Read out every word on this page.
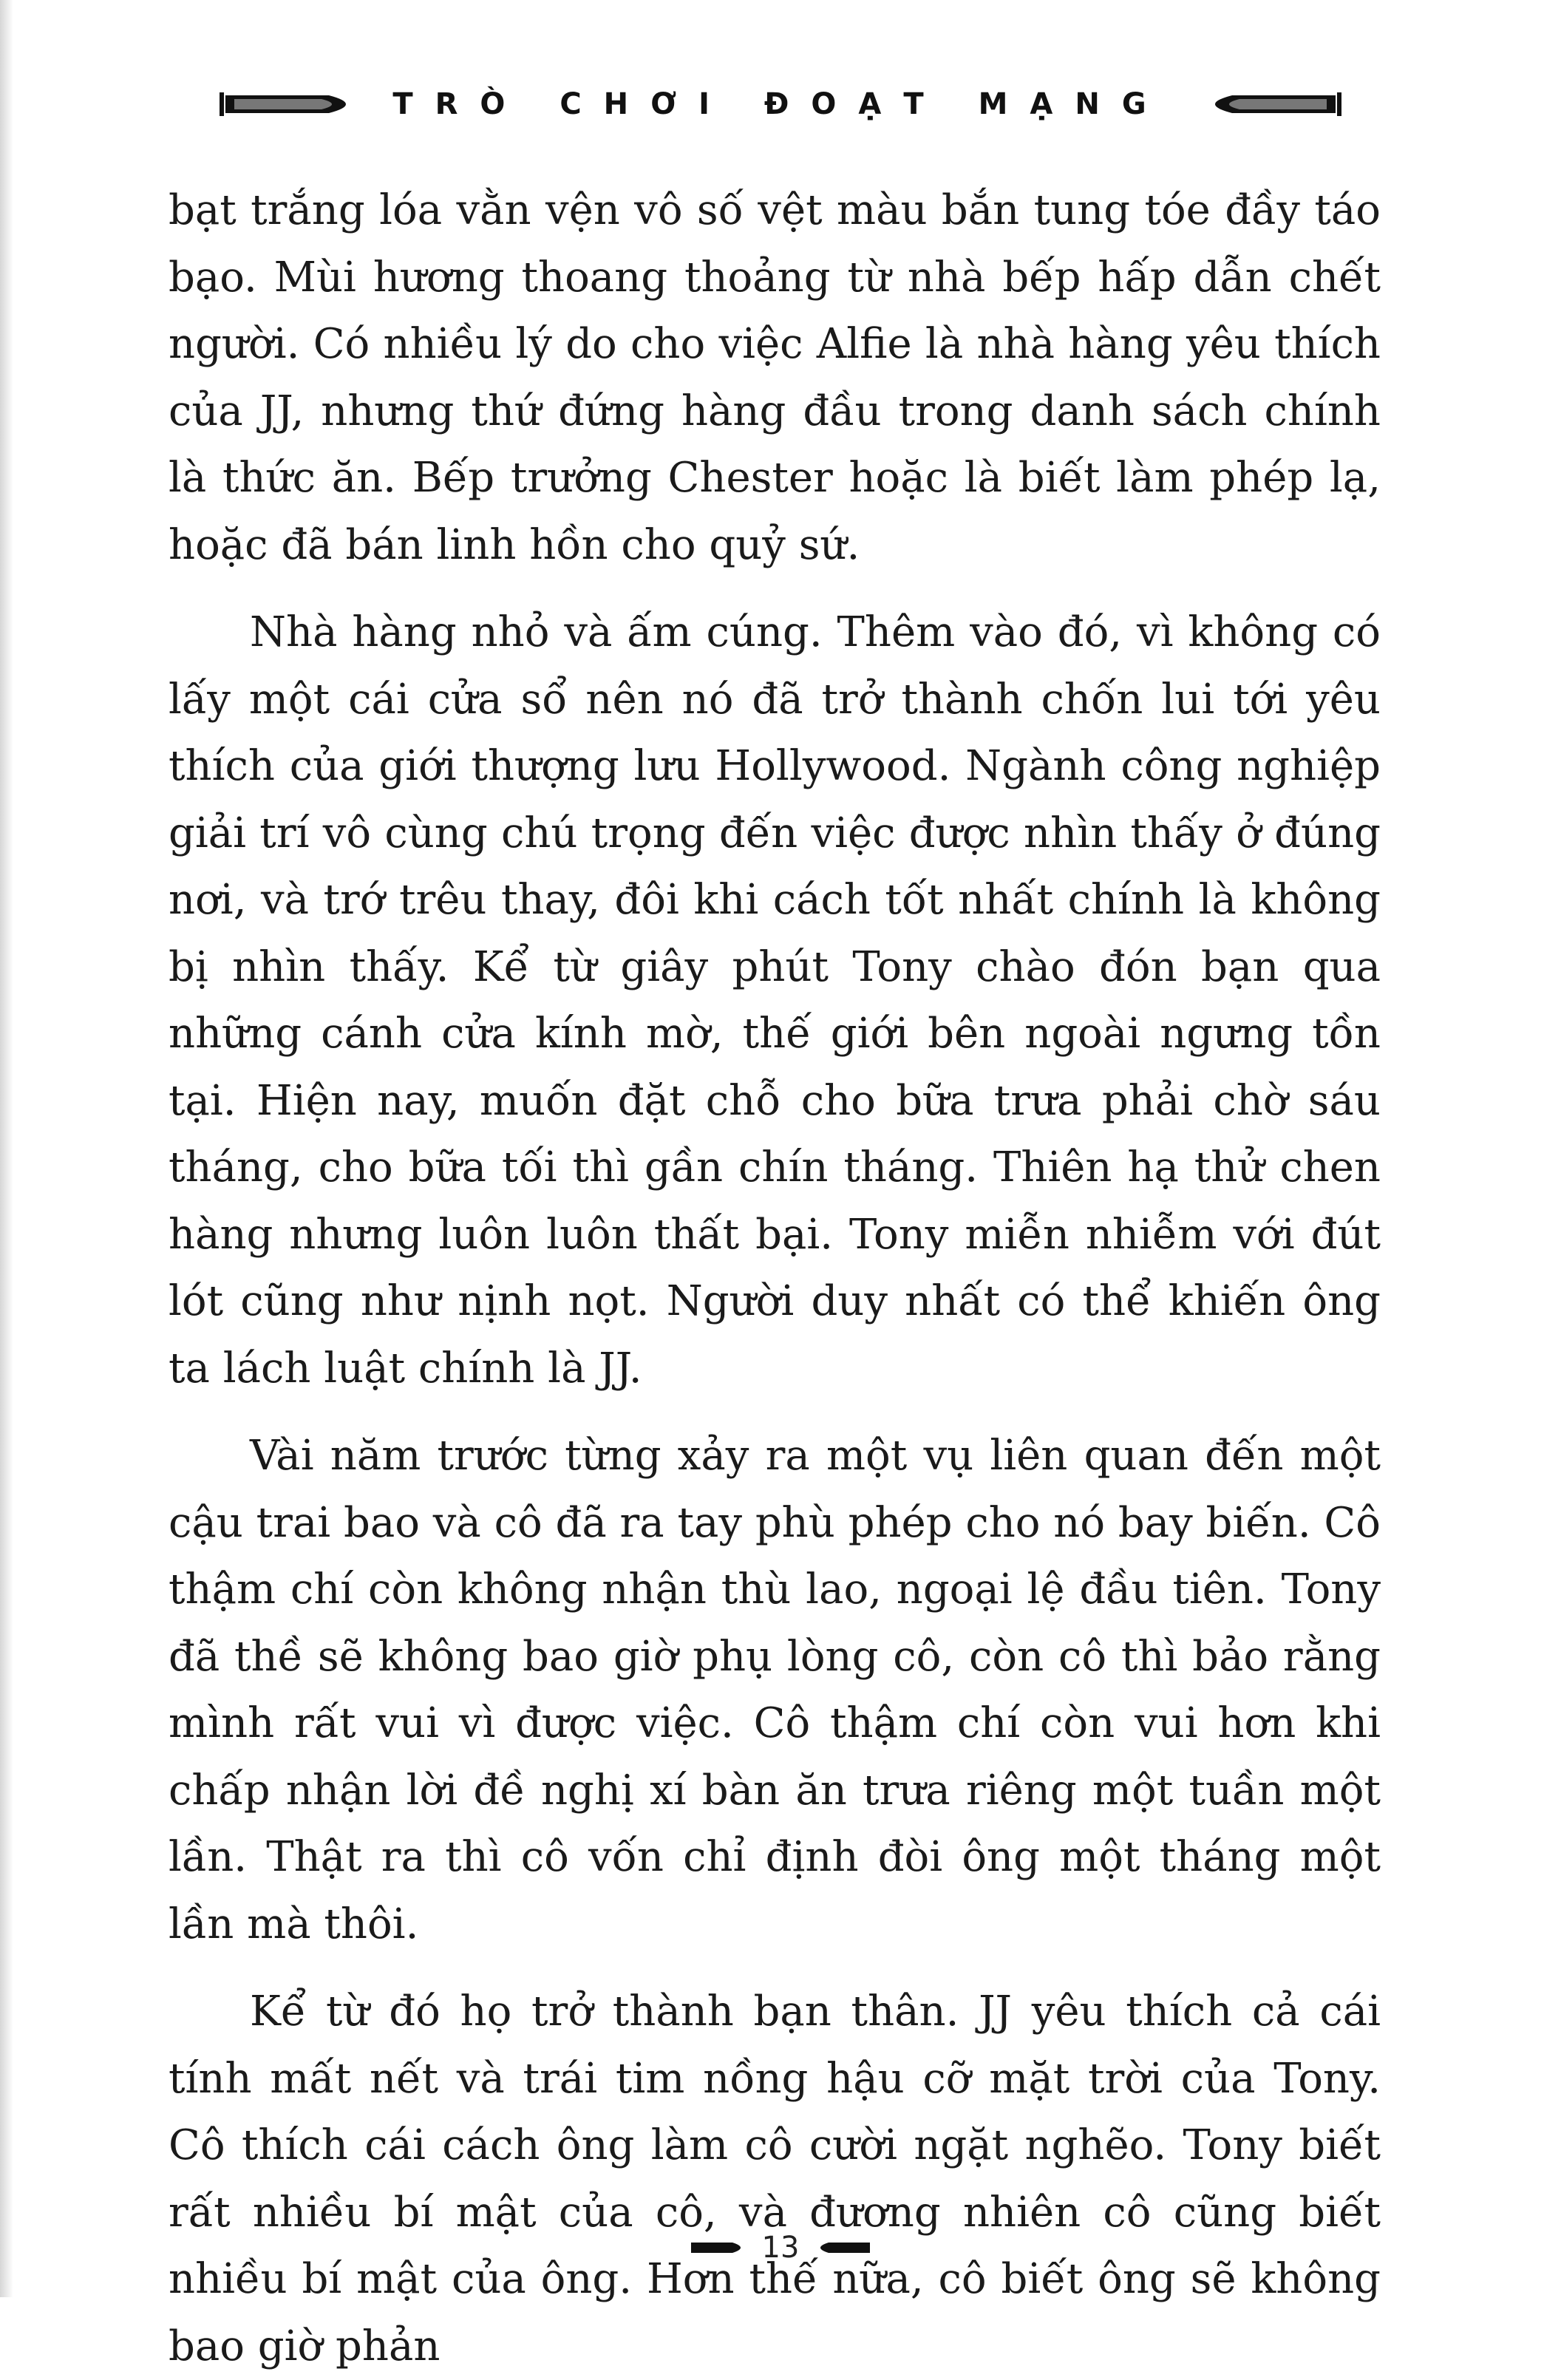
TRÒ CHƠI ĐOẠT MẠNG

bạt trắng lóa vằn vện vô số vệt màu bắn tung tóe đầy táo bạo. Mùi hương thoang thoảng từ nhà bếp hấp dẫn chết người. Có nhiều lý do cho việc Alfie là nhà hàng yêu thích của JJ, nhưng thứ đứng hàng đầu trong danh sách chính là thức ăn. Bếp trưởng Chester hoặc là biết làm phép lạ, hoặc đã bán linh hồn cho quỷ sứ.

Nhà hàng nhỏ và ấm cúng. Thêm vào đó, vì không có lấy một cái cửa sổ nên nó đã trở thành chốn lui tới yêu thích của giới thượng lưu Hollywood. Ngành công nghiệp giải trí vô cùng chú trọng đến việc được nhìn thấy ở đúng nơi, và trớ trêu thay, đôi khi cách tốt nhất chính là không bị nhìn thấy. Kể từ giây phút Tony chào đón bạn qua những cánh cửa kính mờ, thế giới bên ngoài ngưng tồn tại. Hiện nay, muốn đặt chỗ cho bữa trưa phải chờ sáu tháng, cho bữa tối thì gần chín tháng. Thiên hạ thử chen hàng nhưng luôn luôn thất bại. Tony miễn nhiễm với đút lót cũng như nịnh nọt. Người duy nhất có thể khiến ông ta lách luật chính là JJ.

Vài năm trước từng xảy ra một vụ liên quan đến một cậu trai bao và cô đã ra tay phù phép cho nó bay biến. Cô thậm chí còn không nhận thù lao, ngoại lệ đầu tiên. Tony đã thề sẽ không bao giờ phụ lòng cô, còn cô thì bảo rằng mình rất vui vì được việc. Cô thậm chí còn vui hơn khi chấp nhận lời đề nghị xí bàn ăn trưa riêng một tuần một lần. Thật ra thì cô vốn chỉ định đòi ông một tháng một lần mà thôi.

Kể từ đó họ trở thành bạn thân. JJ yêu thích cả cái tính mất nết và trái tim nồng hậu cỡ mặt trời của Tony. Cô thích cái cách ông làm cô cười ngặt nghẽo. Tony biết rất nhiều bí mật của cô, và đương nhiên cô cũng biết nhiều bí mật của ông. Hơn thế nữa, cô biết ông sẽ không bao giờ phản

13
